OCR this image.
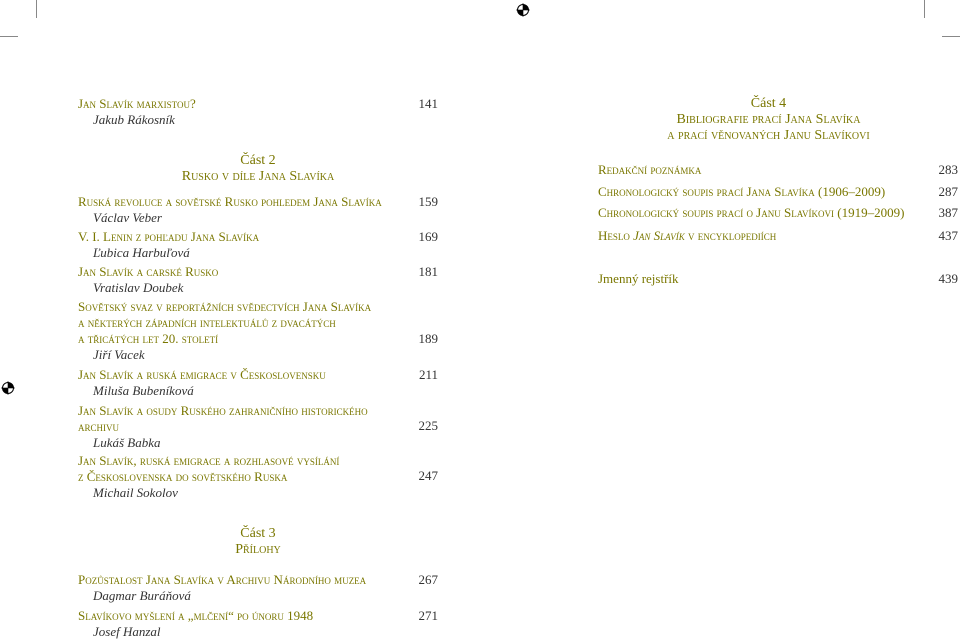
Jan Slavík marxistou?
Jakub Rákosník
141
Část 2
Rusko v díle Jana Slavíka
Ruská revoluce a sovětské Rusko pohledem Jana Slavíka
Václav Veber
159
V. I. Lenin z pohľadu Jana Slavíka
Ľubica Harbuľová
169
Jan Slavík a carské Rusko
Vratislav Doubek
181
Sovětský svaz v reportážních svědectvích Jana Slavíka
a některých západních intelektuálů z dvacátých
a třicátých let 20. století
Jiří Vacek
189
Jan Slavík a ruská emigrace v Československu
Miluša Bubeníková
211
Jan Slavík a osudy Ruského zahraničního historického
archivu
Lukáš Babka
225
Jan Slavík, ruská emigrace a rozhlasové vysílání
z Československa do sovětského Ruska
Michail Sokolov
247
Část 3
Přílohy
Pozůstalost Jana Slavíka v Archivu Národního muzea
Dagmar Buráňová
267
Slavíkovo myšlení a „mlčení“ po únoru 1948
Josef Hanzal
271
Část 4
Bibliografie prací Jana Slavíka
a prací věnovaných Janu Slavíkovi
Redakční poznámka	283
Chronologický soupis prací Jana Slavíka (1906–2009)	287
Chronologický soupis prací o Janu Slavíkovi (1919–2009)	387
Heslo Jan Slavík v encyklopediích	437
Jmenný rejstřík	439
